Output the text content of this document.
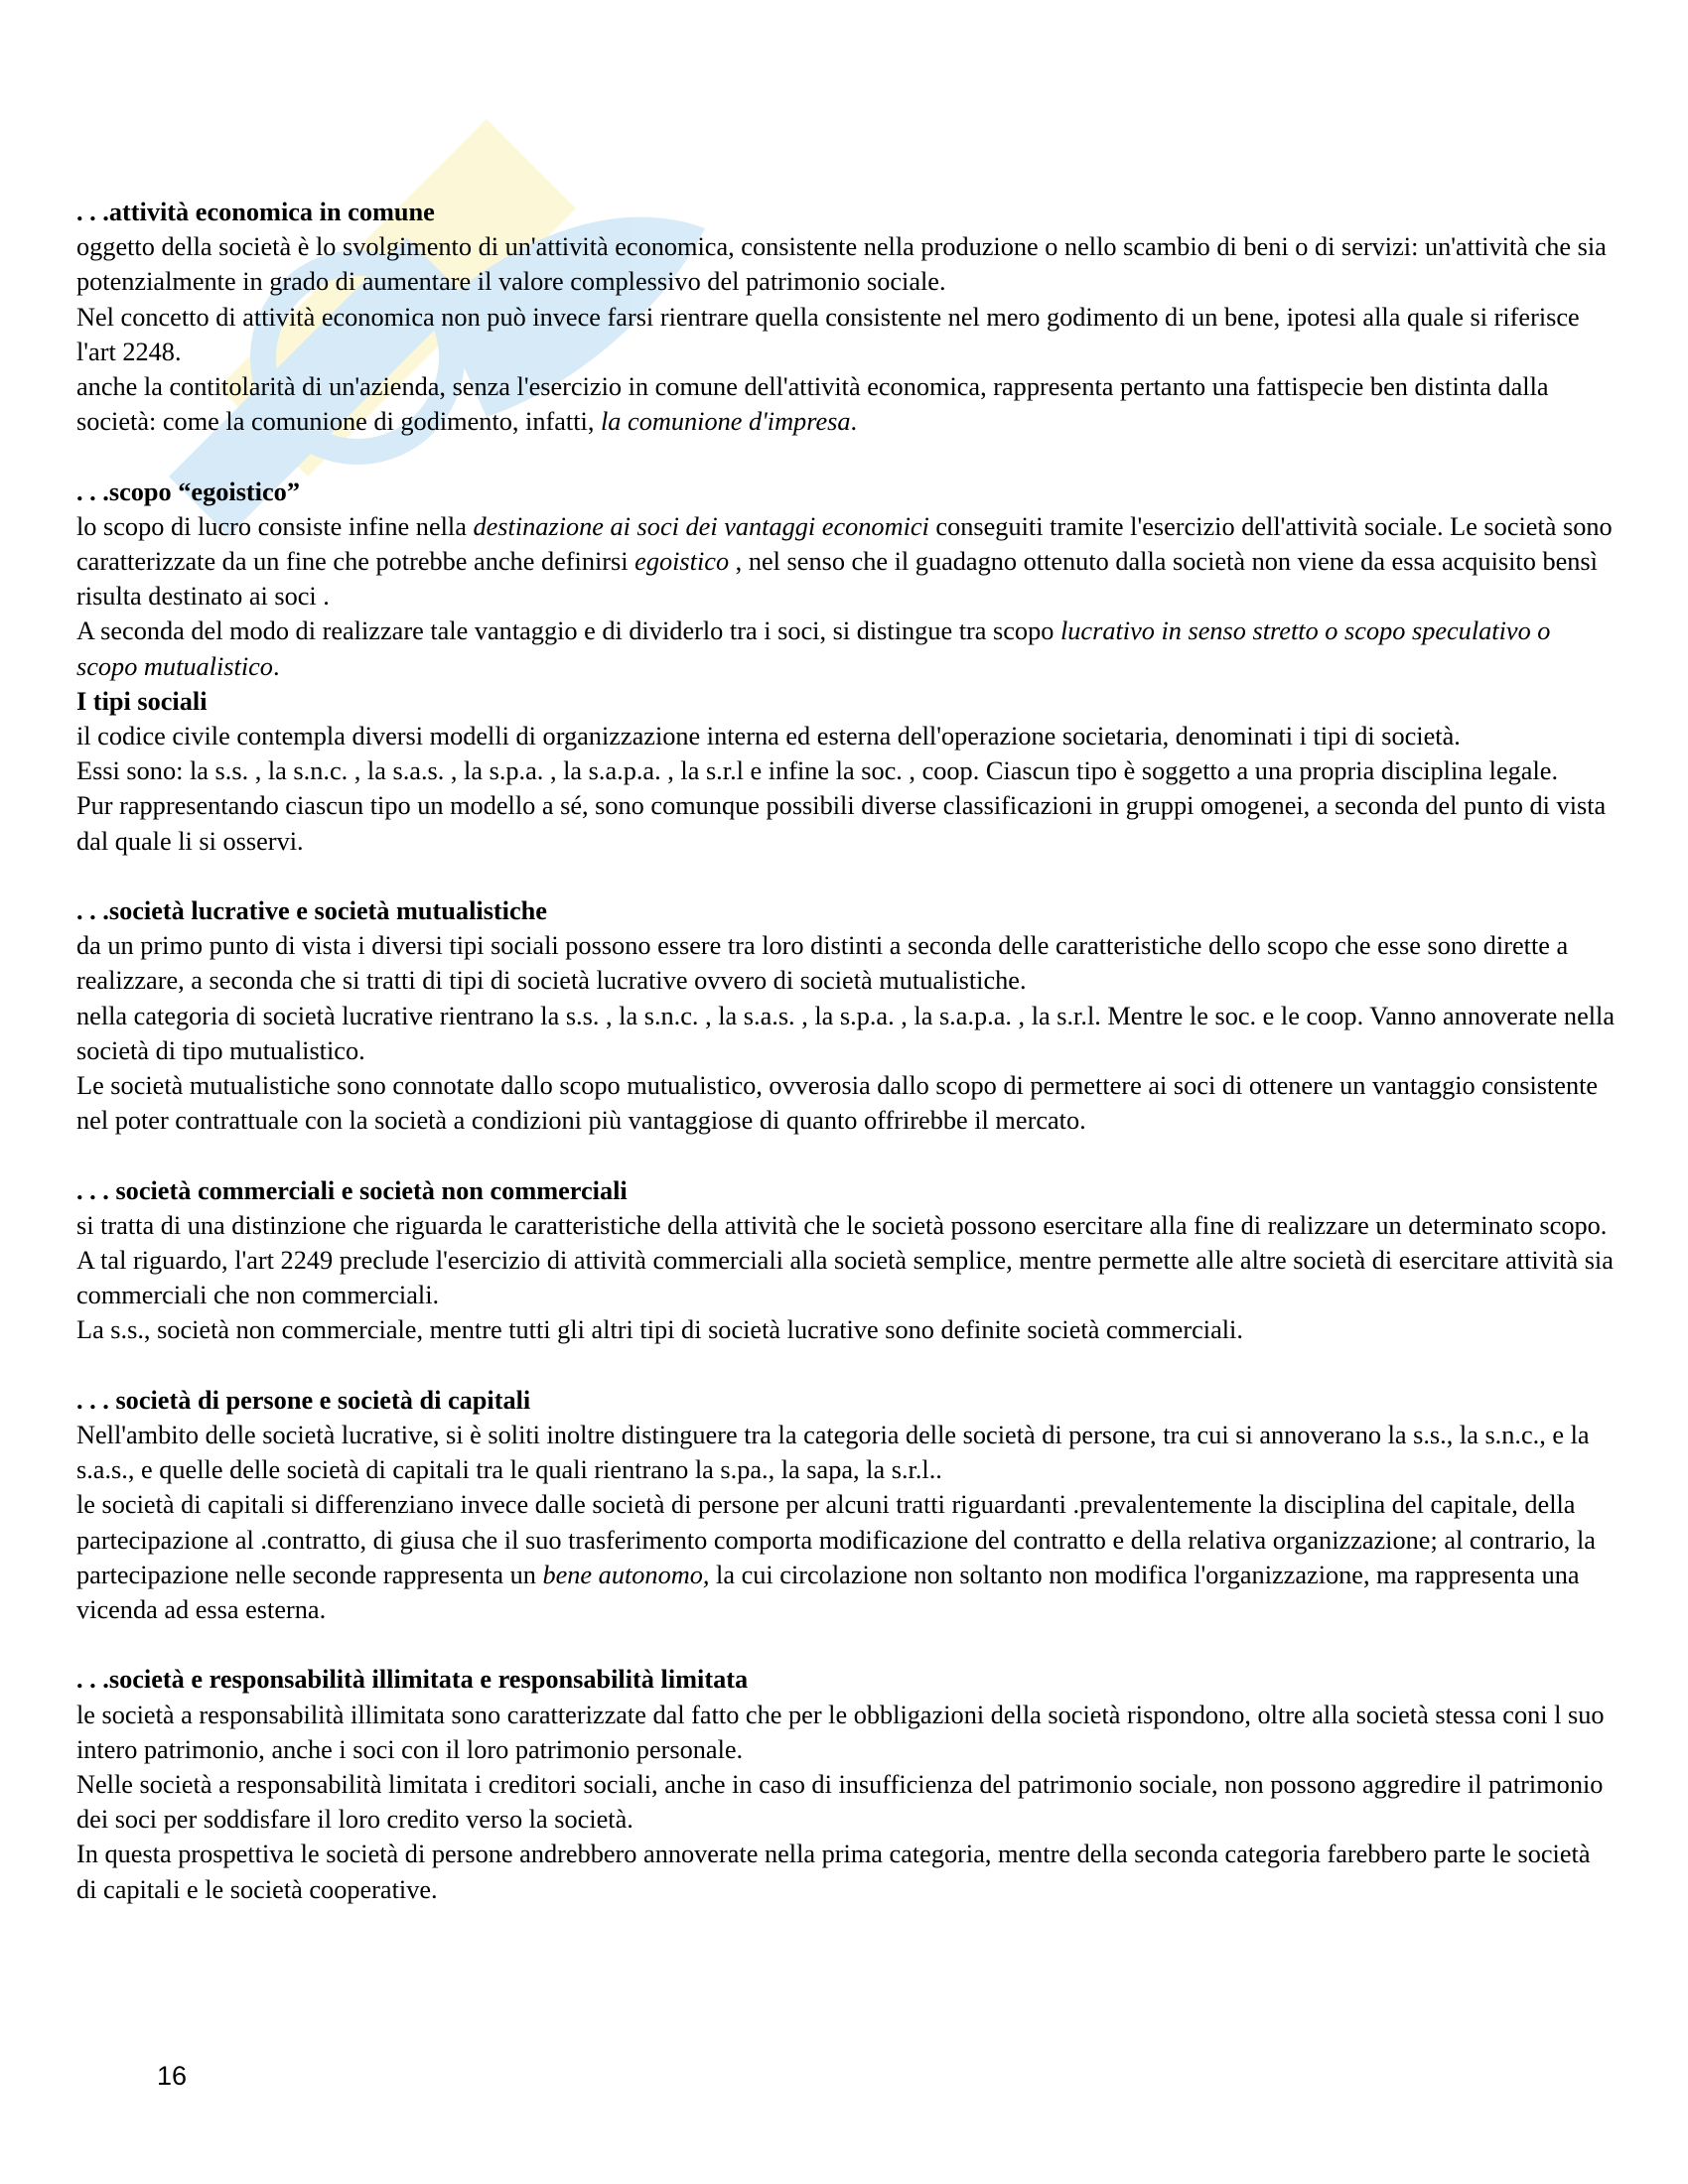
. . .attività economica in comune

oggetto della società è lo svolgimento di un'attività economica, consistente nella produzione o nello scambio di beni o di servizi: un'attività che sia potenzialmente in grado di aumentare il valore complessivo del patrimonio sociale.

Nel concetto di attività economica non può invece farsi rientrare quella consistente nel mero godimento di un bene, ipotesi alla quale si riferisce l'art 2248.

anche la contitolarità di un'azienda, senza l'esercizio in comune dell'attività economica, rappresenta pertanto una fattispecie ben distinta dalla società: come la comunione di godimento, infatti, la comunione d'impresa.

. . .scopo “egoistico”

lo scopo di lucro consiste infine nella destinazione ai soci dei vantaggi economici conseguiti tramite l'esercizio dell'attività sociale. Le società sono caratterizzate da un fine che potrebbe anche definirsi egoistico , nel senso che il guadagno ottenuto dalla società non viene da essa acquisito bensì risulta destinato ai soci .

A seconda del modo di realizzare tale vantaggio e di dividerlo tra i soci, si distingue tra scopo lucrativo in senso stretto o scopo speculativo o scopo mutualistico.

I tipi sociali

il codice civile contempla diversi modelli di organizzazione interna ed esterna dell'operazione societaria, denominati i tipi di società.

Essi sono: la s.s. , la s.n.c. , la s.a.s. , la s.p.a. , la s.a.p.a. , la s.r.l e infine la soc. , coop. Ciascun tipo è soggetto a una propria disciplina legale.

Pur rappresentando ciascun tipo un modello a sé, sono comunque possibili diverse classificazioni in gruppi omogenei, a seconda del punto di vista dal quale li si osservi.

. . .società lucrative e società mutualistiche

da un primo punto di vista i diversi tipi sociali possono essere tra loro distinti a seconda delle caratteristiche dello scopo che esse sono dirette a realizzare, a seconda che si tratti di tipi di società lucrative ovvero di società mutualistiche.

nella categoria di società lucrative rientrano la s.s. , la s.n.c. , la s.a.s. , la s.p.a. , la s.a.p.a. , la s.r.l. Mentre le soc. e le coop. Vanno annoverate nella società di tipo mutualistico.

Le società mutualistiche sono connotate dallo scopo mutualistico, ovverosia dallo scopo di permettere ai soci di ottenere un vantaggio consistente nel poter contrattuale con la società a condizioni più vantaggiose di quanto offrirebbe il mercato.

. . . società commerciali e società non commerciali

si tratta di una distinzione che riguarda le caratteristiche della attività che le società possono esercitare alla fine di realizzare un determinato scopo.

A tal riguardo, l'art 2249 preclude l'esercizio di attività commerciali alla società semplice, mentre permette alle altre società di esercitare attività sia commerciali che non commerciali.

La s.s., società non commerciale, mentre tutti gli altri tipi di società lucrative sono definite società commerciali.

. . . società di persone e società di capitali

Nell'ambito delle società lucrative, si è soliti inoltre distinguere tra la categoria delle società di persone, tra cui si annoverano la s.s., la s.n.c., e la s.a.s., e quelle delle società di capitali tra le quali rientrano la s.pa., la sapa, la s.r.l..

le società di capitali si differenziano invece dalle società di persone per alcuni tratti riguardanti .prevalentemente la disciplina del capitale, della partecipazione al .contratto, di giusa che il suo trasferimento comporta modificazione del contratto e della relativa organizzazione; al contrario, la partecipazione nelle seconde rappresenta un bene autonomo, la cui circolazione non soltanto non modifica l'organizzazione, ma rappresenta una vicenda ad essa esterna.

. . .società e responsabilità illimitata e responsabilità limitata

le società a responsabilità illimitata sono caratterizzate dal fatto che per le obbligazioni della società rispondono, oltre alla società stessa coni l suo intero patrimonio, anche i soci con il loro patrimonio personale.

Nelle società a responsabilità limitata i creditori sociali, anche in caso di insufficienza del patrimonio sociale, non possono aggredire il patrimonio dei soci per soddisfare il loro credito verso la società.

In questa prospettiva le società di persone andrebbero annoverate nella prima categoria, mentre della seconda categoria farebbero parte le società di capitali e le società cooperative.

16
